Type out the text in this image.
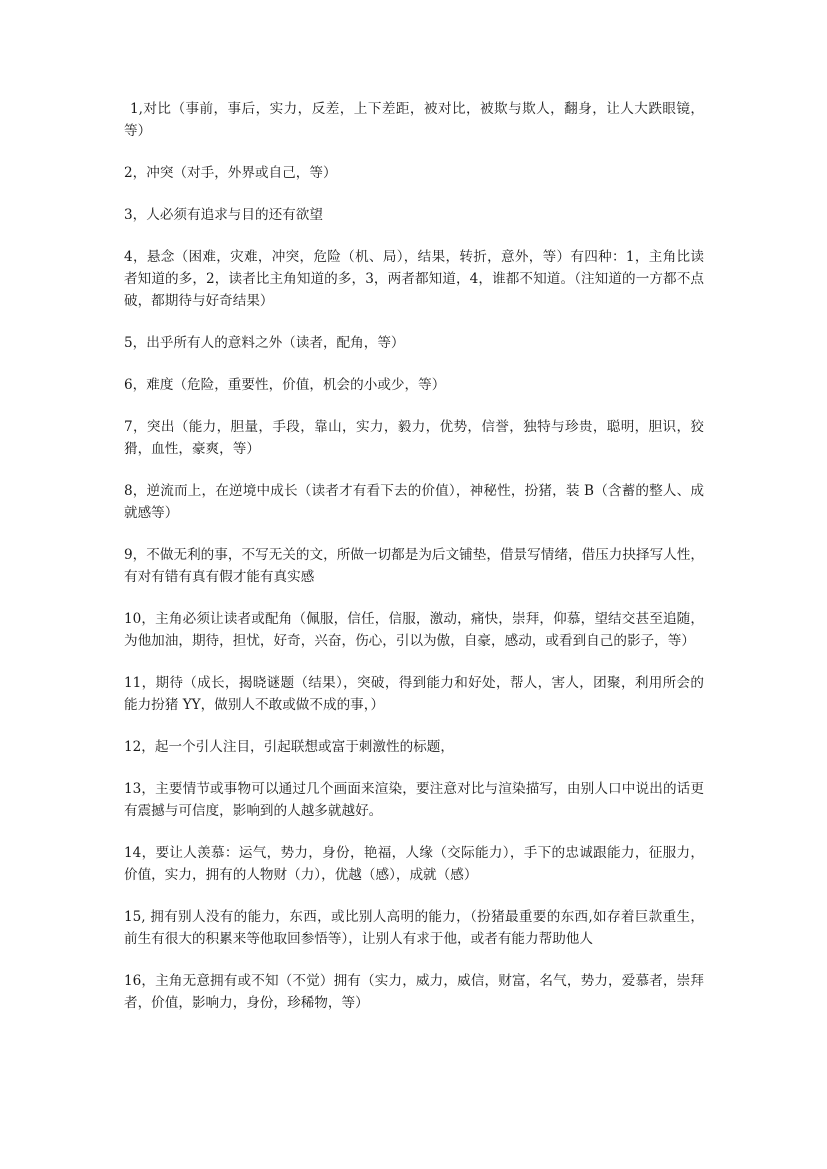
1,对比（事前，事后，实力，反差，上下差距，被对比，被欺与欺人，翻身，让人大跌眼镜，等）

2，冲突（对手，外界或自己，等）

3，人必须有追求与目的还有欲望

4，悬念（困难，灾难，冲突，危险（机、局），结果，转折，意外，等）有四种：1，主角比读者知道的多，2，读者比主角知道的多，3，两者都知道，4，谁都不知道。（注知道的一方都不点破，都期待与好奇结果）

5，出乎所有人的意料之外（读者，配角，等）

6，难度（危险，重要性，价值，机会的小或少，等）

7，突出（能力，胆量，手段，靠山，实力，毅力，优势，信誉，独特与珍贵，聪明，胆识，狡猾，血性，豪爽，等）

8，逆流而上，在逆境中成长（读者才有看下去的价值），神秘性，扮猪，装 B（含蓄的整人、成就感等）

9，不做无利的事，不写无关的文，所做一切都是为后文铺垫，借景写情绪，借压力抉择写人性，有对有错有真有假才能有真实感

10，主角必须让读者或配角（佩服，信任，信服，激动，痛快，崇拜，仰慕，望结交甚至追随，为他加油，期待，担忧，好奇，兴奋，伤心，引以为傲，自豪，感动，或看到自己的影子，等）

11，期待（成长，揭晓谜题（结果），突破，得到能力和好处，帮人，害人，团聚，利用所会的能力扮猪 YY，做别人不敢或做不成的事，）

12，起一个引人注目，引起联想或富于刺激性的标题，

13，主要情节或事物可以通过几个画面来渲染，要注意对比与渲染描写，由别人口中说出的话更有震撼与可信度，影响到的人越多就越好。

14，要让人羡慕：运气，势力，身份，艳福，人缘（交际能力），手下的忠诚跟能力，征服力，价值，实力，拥有的人物财（力），优越（感），成就（感）

15, 拥有别人没有的能力，东西，或比别人高明的能力，（扮猪最重要的东西,如存着巨款重生，前生有很大的积累来等他取回参悟等），让别人有求于他，或者有能力帮助他人

16，主角无意拥有或不知（不觉）拥有（实力，威力，威信，财富，名气，势力，爱慕者，崇拜者，价值，影响力，身份，珍稀物，等）
